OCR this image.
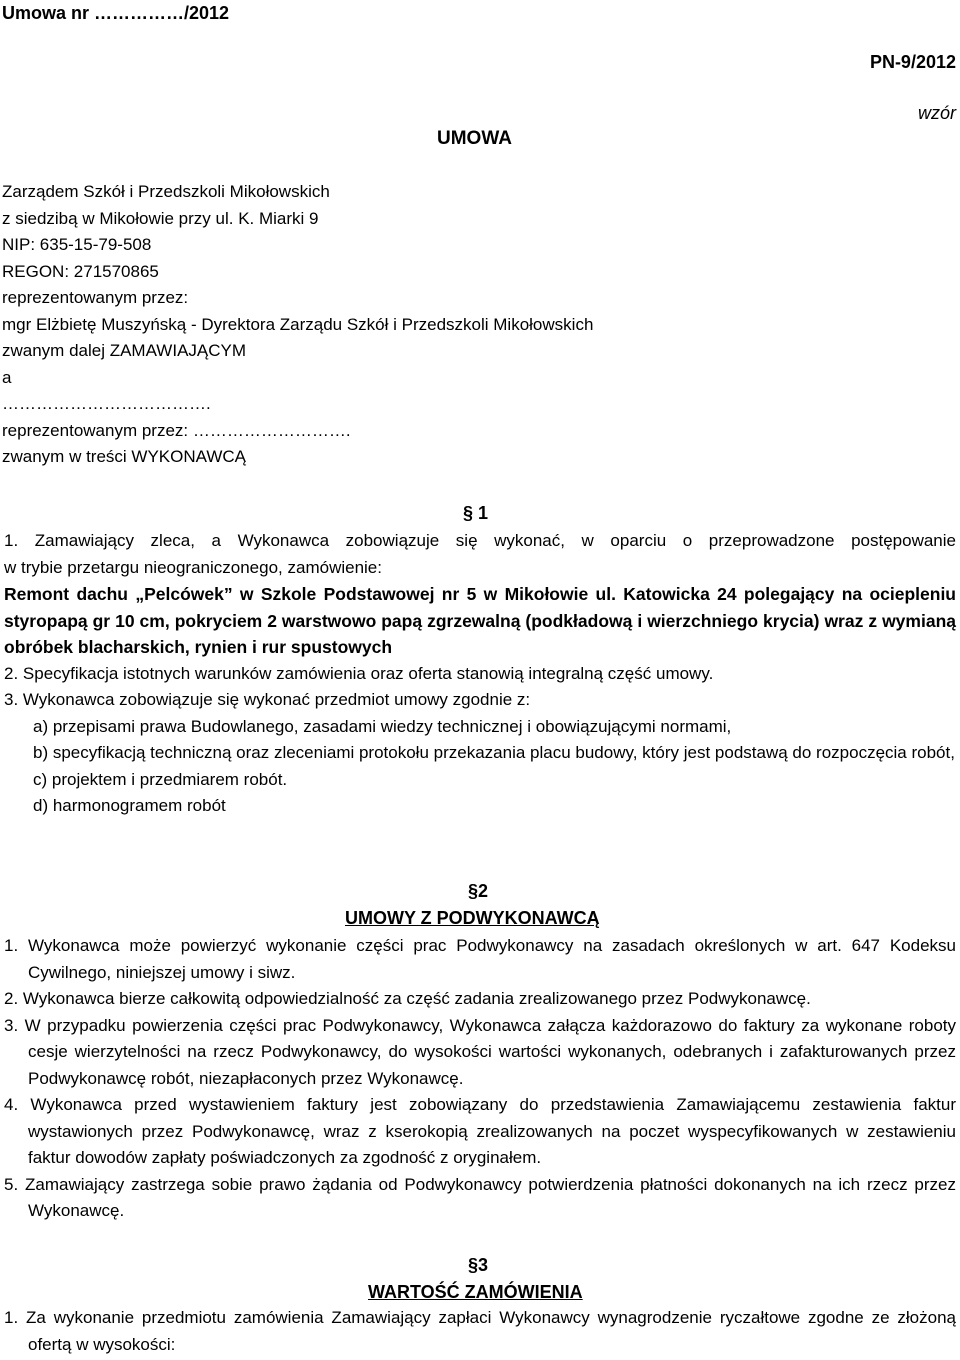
Umowa nr ……………/2012
PN-9/2012
wzór
UMOWA
Zarządem Szkół i Przedszkoli Mikołowskich
z siedzibą w Mikołowie przy ul. K. Miarki 9
NIP: 635-15-79-508
REGON: 271570865
reprezentowanym przez:
mgr Elżbietę Muszyńską - Dyrektora Zarządu Szkół i Przedszkoli Mikołowskich
zwanym dalej ZAMAWIAJĄCYM
a
……………………………….
reprezentowanym przez: ……………………….
zwanym w treści WYKONAWCĄ
§ 1

1. Zamawiający zleca, a Wykonawca zobowiązuje się wykonać, w oparciu o przeprowadzone postępowanie

w trybie przetargu nieograniczonego, zamówienie:

Remont dachu „Pelcówek” w Szkole Podstawowej nr 5 w Mikołowie ul. Katowicka 24 polegający na ociepleniu styropapą gr 10 cm, pokryciem 2 warstwowo papą zgrzewalną (podkładową i wierzchniego krycia) wraz z wymianą obróbek blacharskich, rynien i rur spustowych

2. Specyfikacja istotnych warunków zamówienia oraz oferta stanowią integralną część umowy.

3. Wykonawca zobowiązuje się wykonać przedmiot umowy zgodnie z:

a) przepisami prawa Budowlanego, zasadami wiedzy technicznej i obowiązującymi normami,

b) specyfikacją techniczną oraz zleceniami protokołu przekazania placu budowy, który jest podstawą do rozpoczęcia robót,

c) projektem i przedmiarem robót.

d) harmonogramem robót

§2
UMOWY Z PODWYKONAWCĄ

1. Wykonawca może powierzyć wykonanie części prac Podwykonawcy na zasadach określonych w art. 647 Kodeksu Cywilnego, niniejszej umowy i siwz.

2. Wykonawca bierze całkowitą odpowiedzialność za część zadania zrealizowanego przez Podwykonawcę.

3. W przypadku powierzenia części prac Podwykonawcy, Wykonawca załącza każdorazowo do faktury za wykonane roboty cesje wierzytelności na rzecz Podwykonawcy, do wysokości wartości wykonanych, odebranych i zafakturowanych przez Podwykonawcę robót, niezapłaconych przez Wykonawcę.

4. Wykonawca przed wystawieniem faktury jest zobowiązany do przedstawienia Zamawiającemu zestawienia faktur wystawionych przez Podwykonawcę, wraz z kserokopią zrealizowanych na poczet wyspecyfikowanych w zestawieniu faktur dowodów zapłaty poświadczonych za zgodność z oryginałem.

5. Zamawiający zastrzega sobie prawo żądania od Podwykonawcy potwierdzenia płatności dokonanych na ich rzecz przez Wykonawcę.

§3
WARTOŚĆ ZAMÓWIENIA

1. Za wykonanie przedmiotu zamówienia Zamawiający zapłaci Wykonawcy wynagrodzenie ryczałtowe zgodne ze złożoną ofertą w wysokości:
